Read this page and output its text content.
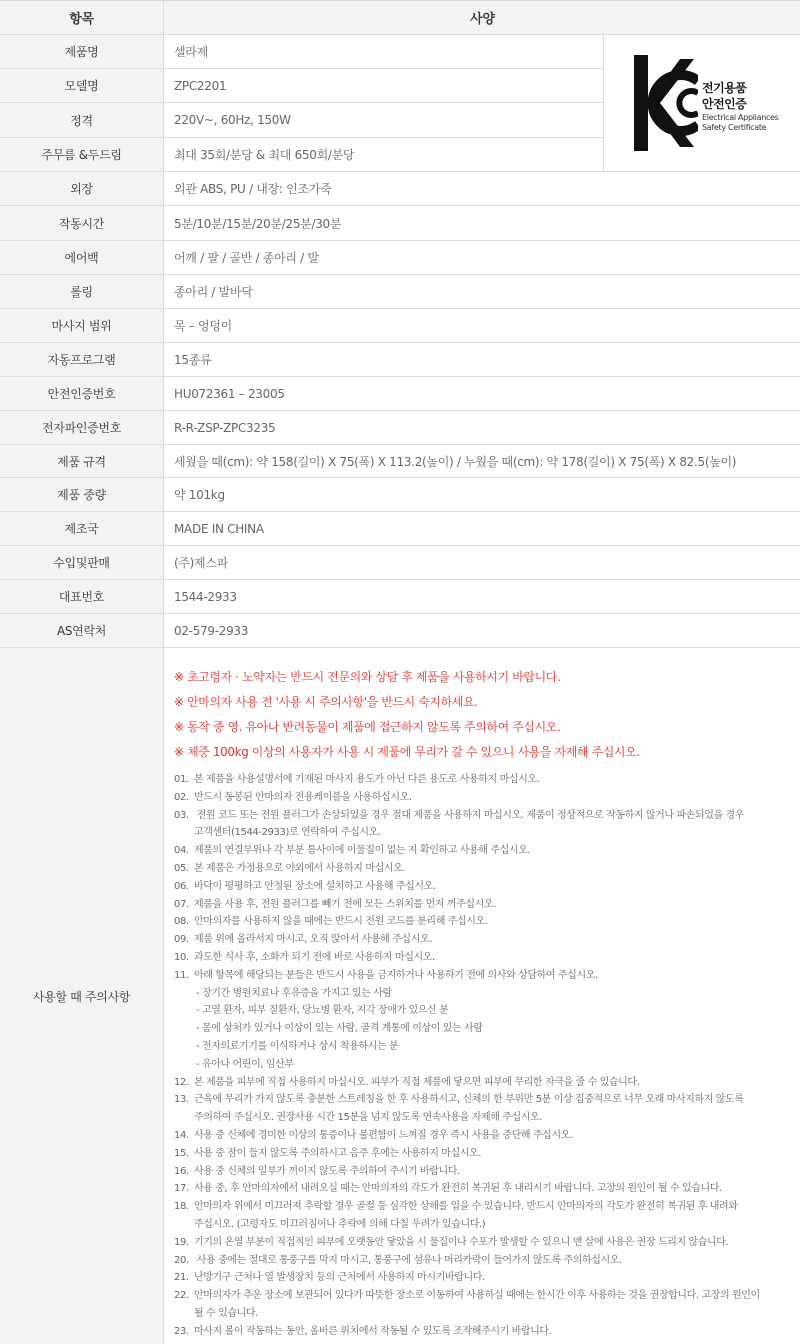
항목	사양
제품명	셀라제
모델명	ZPC2201
정격	220V~, 60Hz, 150W
주무름 &두드림	최대 35회/분당 & 최대 650회/분당
외장	외관 ABS, PU / 내장: 인조가죽
작동시간	5분/10분/15분/20분/25분/30분
에어백	어깨 / 팔 / 골반 / 종아리 / 발
롤링	종아리 / 발바닥
마사지 범위	목 – 엉덩이
자동프로그램	15종류
안전인증번호	HU072361 – 23005
전자파인증번호	R-R-ZSP-ZPC3235
제품 규격	세웠을 때(cm): 약 158(길이) X 75(폭) X 113.2(높이) / 누웠을 때(cm): 약 178(길이) X 75(폭) X 82.5(높이)
제품 중량	약 101kg
제조국	MADE IN CHINA
수입및판매	(주)제스파
대표번호	1544-2933
AS연락처	02-579-2933
전기용품
안전인증
Electrical Appliances
Safety Certificate
사용할 때 주의사항
※ 초고령자 · 노약자는 반드시 전문의와 상담 후 제품을 사용하시기 바랍니다.
※ 안마의자 사용 전 '사용 시 주의사항'을 반드시 숙지하세요.
※ 동작 중 영. 유아나 반려동물이 제품에 접근하지 않도록 주의하여 주십시오.
※ 체중 100kg 이상의 사용자가 사용 시 제품에 무리가 갈 수 있으니 사용을 자제해 주십시오.
01. 본 제품을 사용설명서에 기재된 마사지 용도가 아닌 다른 용도로 사용하지 마십시오.
02. 반드시 동봉된 안마의자 전용케이블을 사용하십시오.
03. 전원 코드 또는 전원 플러그가 손상되었을 경우 절대 제품을 사용하지 마십시오. 제품이 정상적으로 작동하지 않거나 파손되었을 경우
고객센터(1544-2933)로 연락하여 주십시오.
04. 제품의 연결부위나 각 부분 틈사이에 이물질이 없는 지 확인하고 사용해 주십시오.
05. 본 제품은 가정용으로 야외에서 사용하지 마십시오.
06. 바닥이 평평하고 안정된 장소에 설치하고 사용해 주십시오.
07. 제품을 사용 후, 전원 플러그를 빼기 전에 모든 스위치를 먼저 꺼주십시오.
08. 안마의자를 사용하지 않을 때에는 반드시 전원 코드를 분리해 주십시오.
09. 제품 위에 올라서지 마시고, 오직 앉아서 사용해 주십시오.
10. 과도한 식사 후, 소화가 되기 전에 바로 사용하지 마십시오.
11. 아래 항목에 해당되는 분들은 반드시 사용을 금지하거나 사용하기 전에 의사와 상담하여 주십시오.
- 장기간 병원치료나 후유증을 가지고 있는 사람
- 고열 환자, 피부 질환자, 당뇨병 환자, 지각 장애가 있으신 분
- 몸에 상처가 있거나 이상이 있는 사람, 골격 계통에 이상이 있는 사람
- 전자의료기기를 이식하거나 상시 착용하시는 분
- 유아나 어린이, 임산부
12. 본 제품을 피부에 직접 사용하지 마십시오. 피부가 직접 제품에 닿으면 피부에 무리한 자극을 줄 수 있습니다.
13. 근육에 무리가 가지 않도록 충분한 스트레칭을 한 후 사용하시고, 신체의 한 부위만 5분 이상 집중적으로 너무 오래 마사지하지 않도록
주의하여 주십시오. 권장사용 시간 15분을 넘지 않도록 연속사용을 자제해 주십시오.
14. 사용 중 신체에 경미한 이상의 통증이나 불편함이 느껴질 경우 즉시 사용을 중단해 주십시오.
15. 사용 중 잠이 들지 않도록 주의하시고 음주 후에는 사용하지 마십시오.
16. 사용 중 신체의 일부가 끼이지 않도록 주의하여 주시기 바랍니다.
17. 사용 중, 후 안마의자에서 내려오실 때는 안마의자의 각도가 완전히 복귀된 후 내리시기 바랍니다. 고장의 원인이 될 수 있습니다.
18. 안마의자 위에서 미끄러져 추락할 경우 골절 등 심각한 상해를 입을 수 있습니다. 반드시 안마의자의 각도가 완전히 복귀된 후 내려와
주십시오. (고령자도 미끄러짐이나 추락에 의해 다칠 우려가 있습니다.)
19. 기기의 온열 부분이 직접적인 피부에 오랫동안 닿았을 시 물집이나 수포가 발생할 수 있으니 맨 살에 사용은 권장 드리지 않습니다.
20. 사용 중에는 절대로 통풍구를 막지 마시고, 통풍구에 섬유나 머리카락이 들어가지 않도록 주의하십시오.
21. 난방기구 근처나 열 발생장치 등의 근처에서 사용하지 마시기바랍니다.
22. 안마의자가 추운 장소에 보관되어 있다가 따뜻한 장소로 이동하여 사용하실 때에는 한시간 이후 사용하는 것을 권장합니다. 고장의 원인이
될 수 있습니다.
23. 마사지 볼이 작동하는 동안, 올바른 위치에서 작동될 수 있도록 조작해주시기 바랍니다.
